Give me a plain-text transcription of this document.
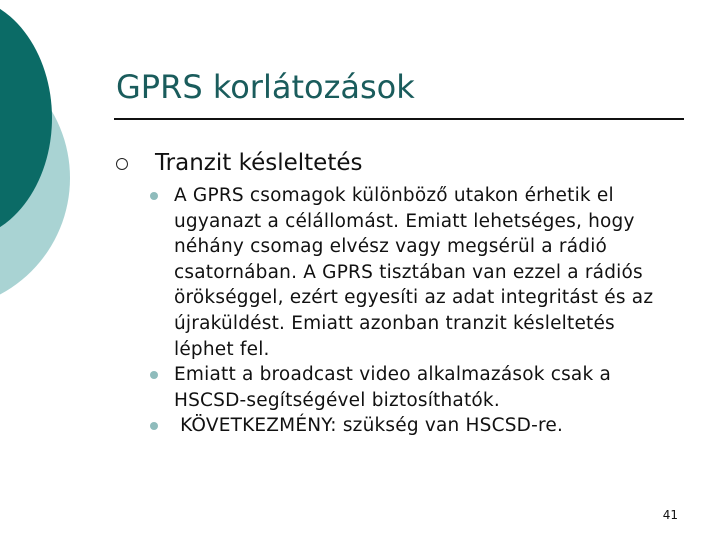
GPRS korlátozások
Tranzit késleltetés
A GPRS csomagok különböző utakon érhetik el ugyanazt a célállomást. Emiatt lehetséges, hogy néhány csomag elvész vagy megsérül a rádió csatornában. A GPRS tisztában van ezzel a rádiós örökséggel, ezért egyesíti az adat integritást és az újraküldést. Emiatt azonban tranzit késleltetés léphet fel.
Emiatt a broadcast video alkalmazások csak a HSCSD-segítségével biztosíthatók.
KÖVETKEZMÉNY: szükség van HSCSD-re.
41
